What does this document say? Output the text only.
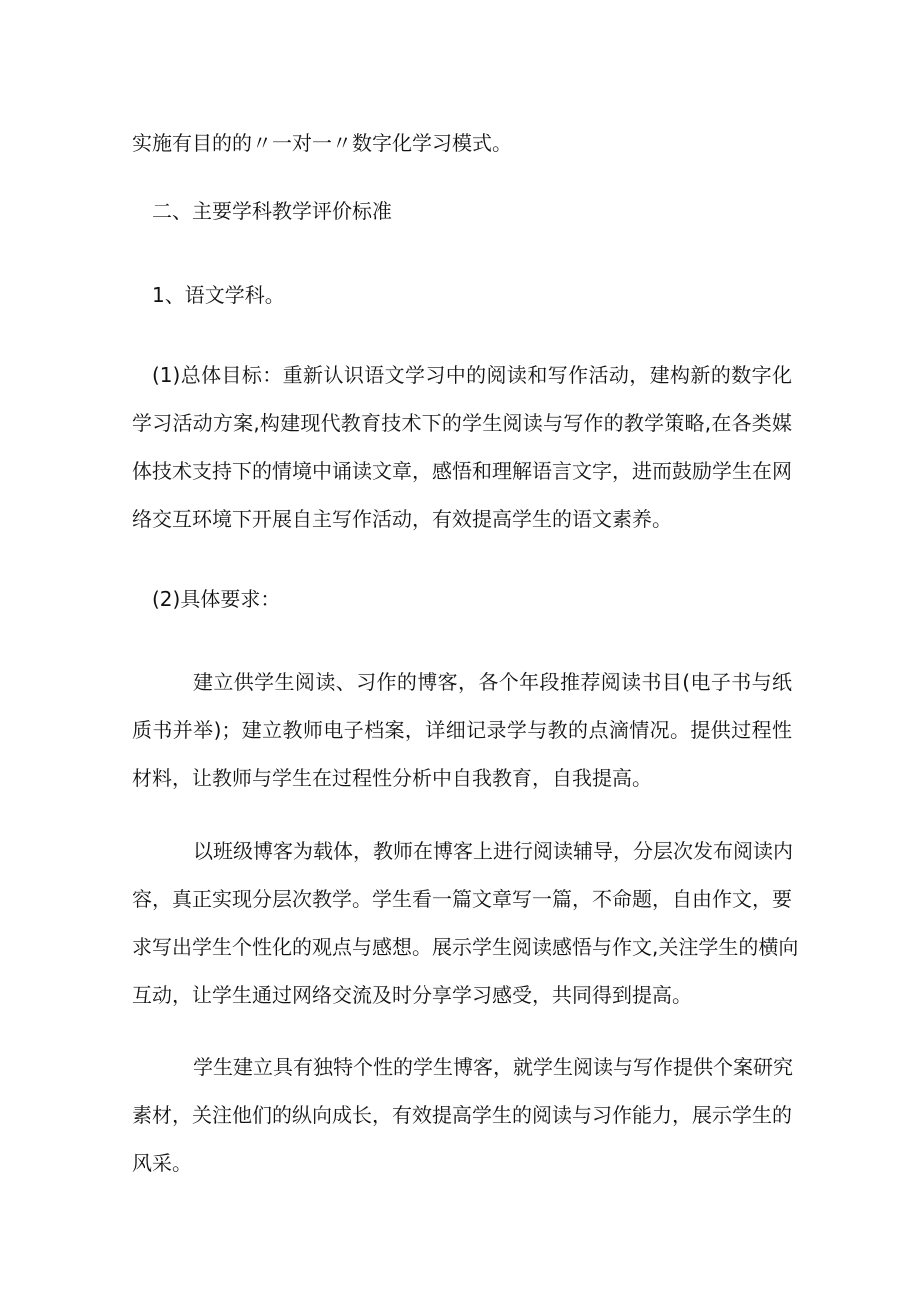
实施有目的的〃一对一〃数字化学习模式。
二、主要学科教学评价标准
1、语文学科。
(1)总体目标：重新认识语文学习中的阅读和写作活动，建构新的数字化
学习活动方案,构建现代教育技术下的学生阅读与写作的教学策略,在各类媒
体技术支持下的情境中诵读文章，感悟和理解语言文字，进而鼓励学生在网
络交互环境下开展自主写作活动，有效提高学生的语文素养。
(2)具体要求：
建立供学生阅读、习作的博客，各个年段推荐阅读书目(电子书与纸
质书并举)；建立教师电子档案，详细记录学与教的点滴情况。提供过程性
材料，让教师与学生在过程性分析中自我教育，自我提高。
以班级博客为载体，教师在博客上进行阅读辅导，分层次发布阅读内
容，真正实现分层次教学。学生看一篇文章写一篇，不命题，自由作文，要
求写出学生个性化的观点与感想。展示学生阅读感悟与作文,关注学生的横向
互动，让学生通过网络交流及时分享学习感受，共同得到提高。
学生建立具有独特个性的学生博客，就学生阅读与写作提供个案研究
素材，关注他们的纵向成长，有效提高学生的阅读与习作能力，展示学生的
风采。
